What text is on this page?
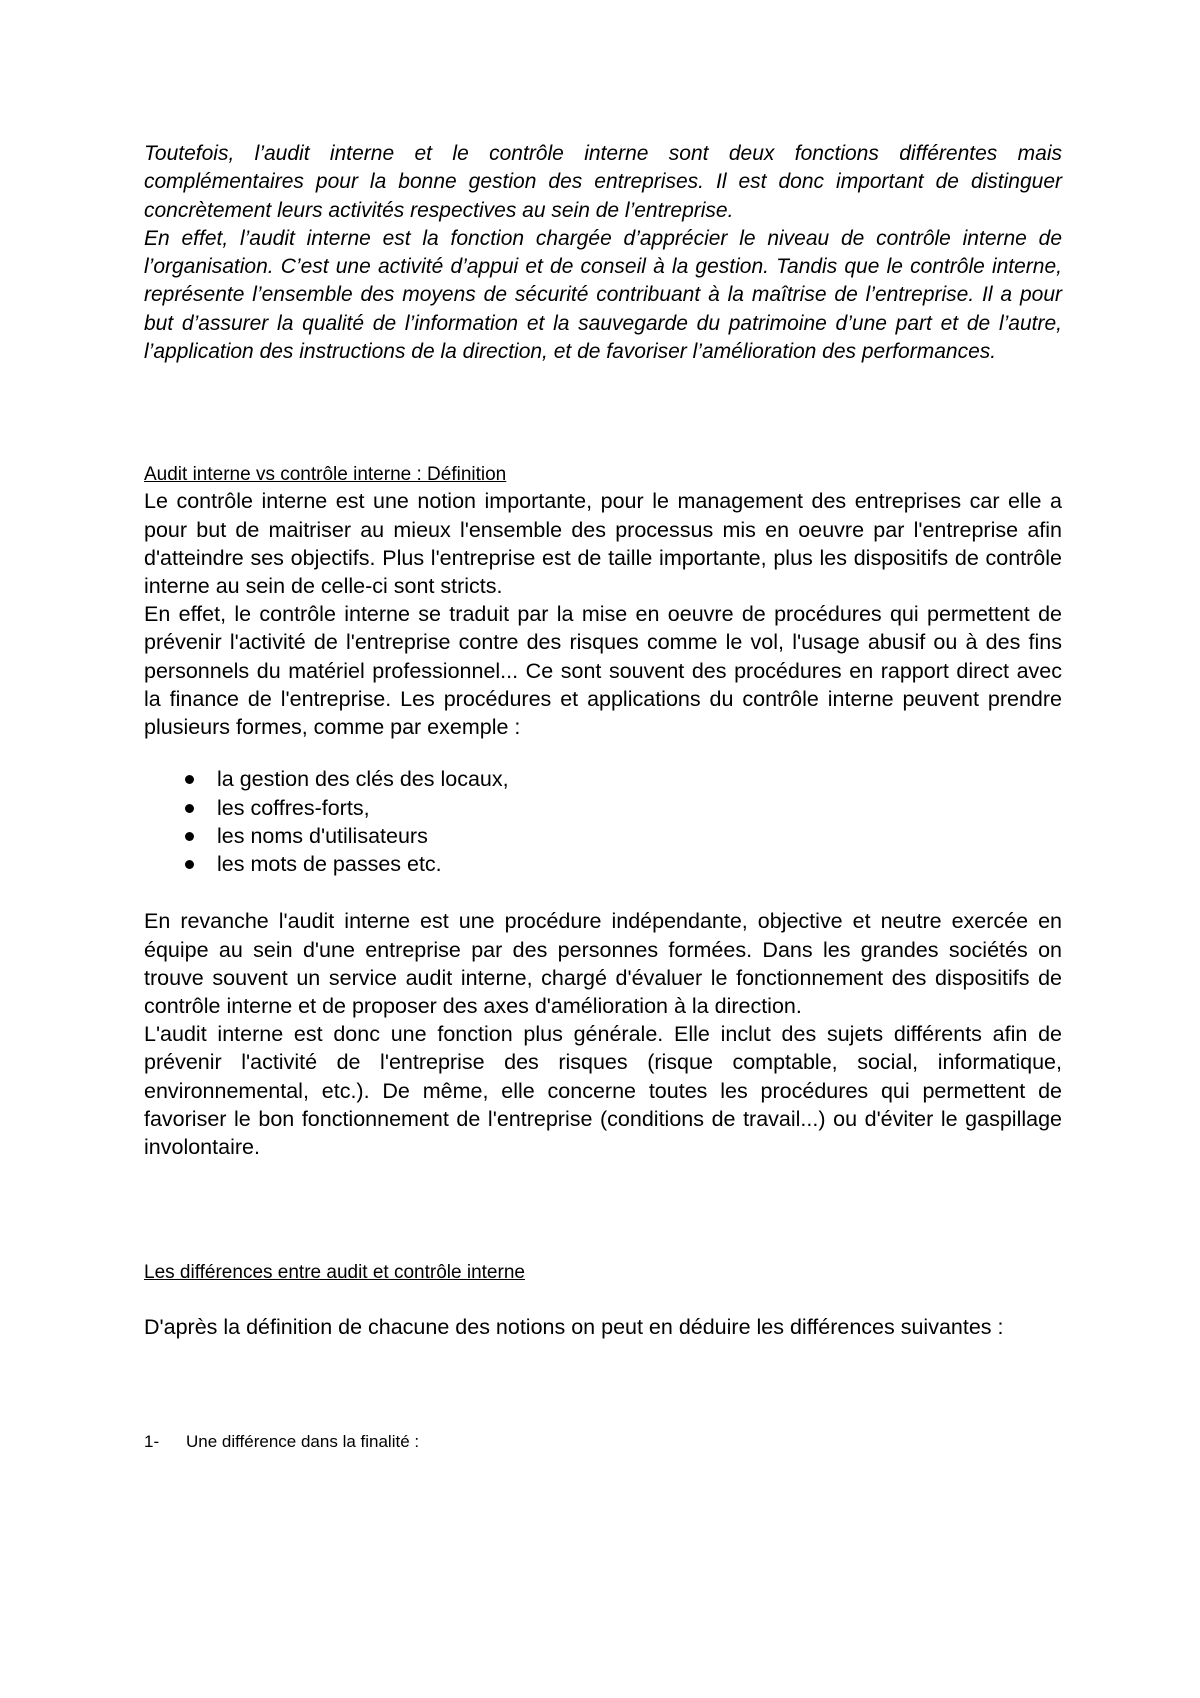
Toutefois, l’audit interne et le contrôle interne sont deux fonctions différentes mais complémentaires pour la bonne gestion des entreprises. Il est donc important de distinguer concrètement leurs activités respectives au sein de l’entreprise.

En effet, l’audit interne est la fonction chargée d’apprécier le niveau de contrôle interne de l’organisation. C’est une activité d’appui et de conseil à la gestion. Tandis que le contrôle interne, représente l’ensemble des moyens de sécurité contribuant à la maîtrise de l’entreprise. Il a pour but d’assurer la qualité de l’information et la sauvegarde du patrimoine d’une part et de l’autre, l’application des instructions de la direction, et de favoriser l’amélioration des performances.

Audit interne vs contrôle interne : Définition

Le contrôle interne est une notion importante, pour le management des entreprises car elle a pour but de maitriser au mieux l'ensemble des processus mis en oeuvre par l'entreprise afin d'atteindre ses objectifs. Plus l'entreprise est de taille importante, plus les dispositifs de contrôle interne au sein de celle-ci sont stricts.

En effet, le contrôle interne se traduit par la mise en oeuvre de procédures qui permettent de prévenir l'activité de l'entreprise contre des risques comme le vol, l'usage abusif ou à des fins personnels du matériel professionnel... Ce sont souvent des procédures en rapport direct avec la finance de l'entreprise. Les procédures et applications du contrôle interne peuvent prendre plusieurs formes, comme par exemple :

la gestion des clés des locaux,
les coffres-forts,
les noms d'utilisateurs
les mots de passes etc.

En revanche l'audit interne est une procédure indépendante, objective et neutre exercée en équipe au sein d'une entreprise par des personnes formées. Dans les grandes sociétés on trouve souvent un service audit interne, chargé d'évaluer le fonctionnement des dispositifs de contrôle interne et de proposer des axes d'amélioration à la direction.

L'audit interne est donc une fonction plus générale. Elle inclut des sujets différents afin de prévenir l'activité de l'entreprise des risques (risque comptable, social, informatique, environnemental, etc.). De même, elle concerne toutes les procédures qui permettent de favoriser le bon fonctionnement de l'entreprise (conditions de travail...) ou d'éviter le gaspillage involontaire.

Les différences entre audit et contrôle interne

D'après la définition de chacune des notions on peut en déduire les différences suivantes :

1-	Une différence dans la finalité :
